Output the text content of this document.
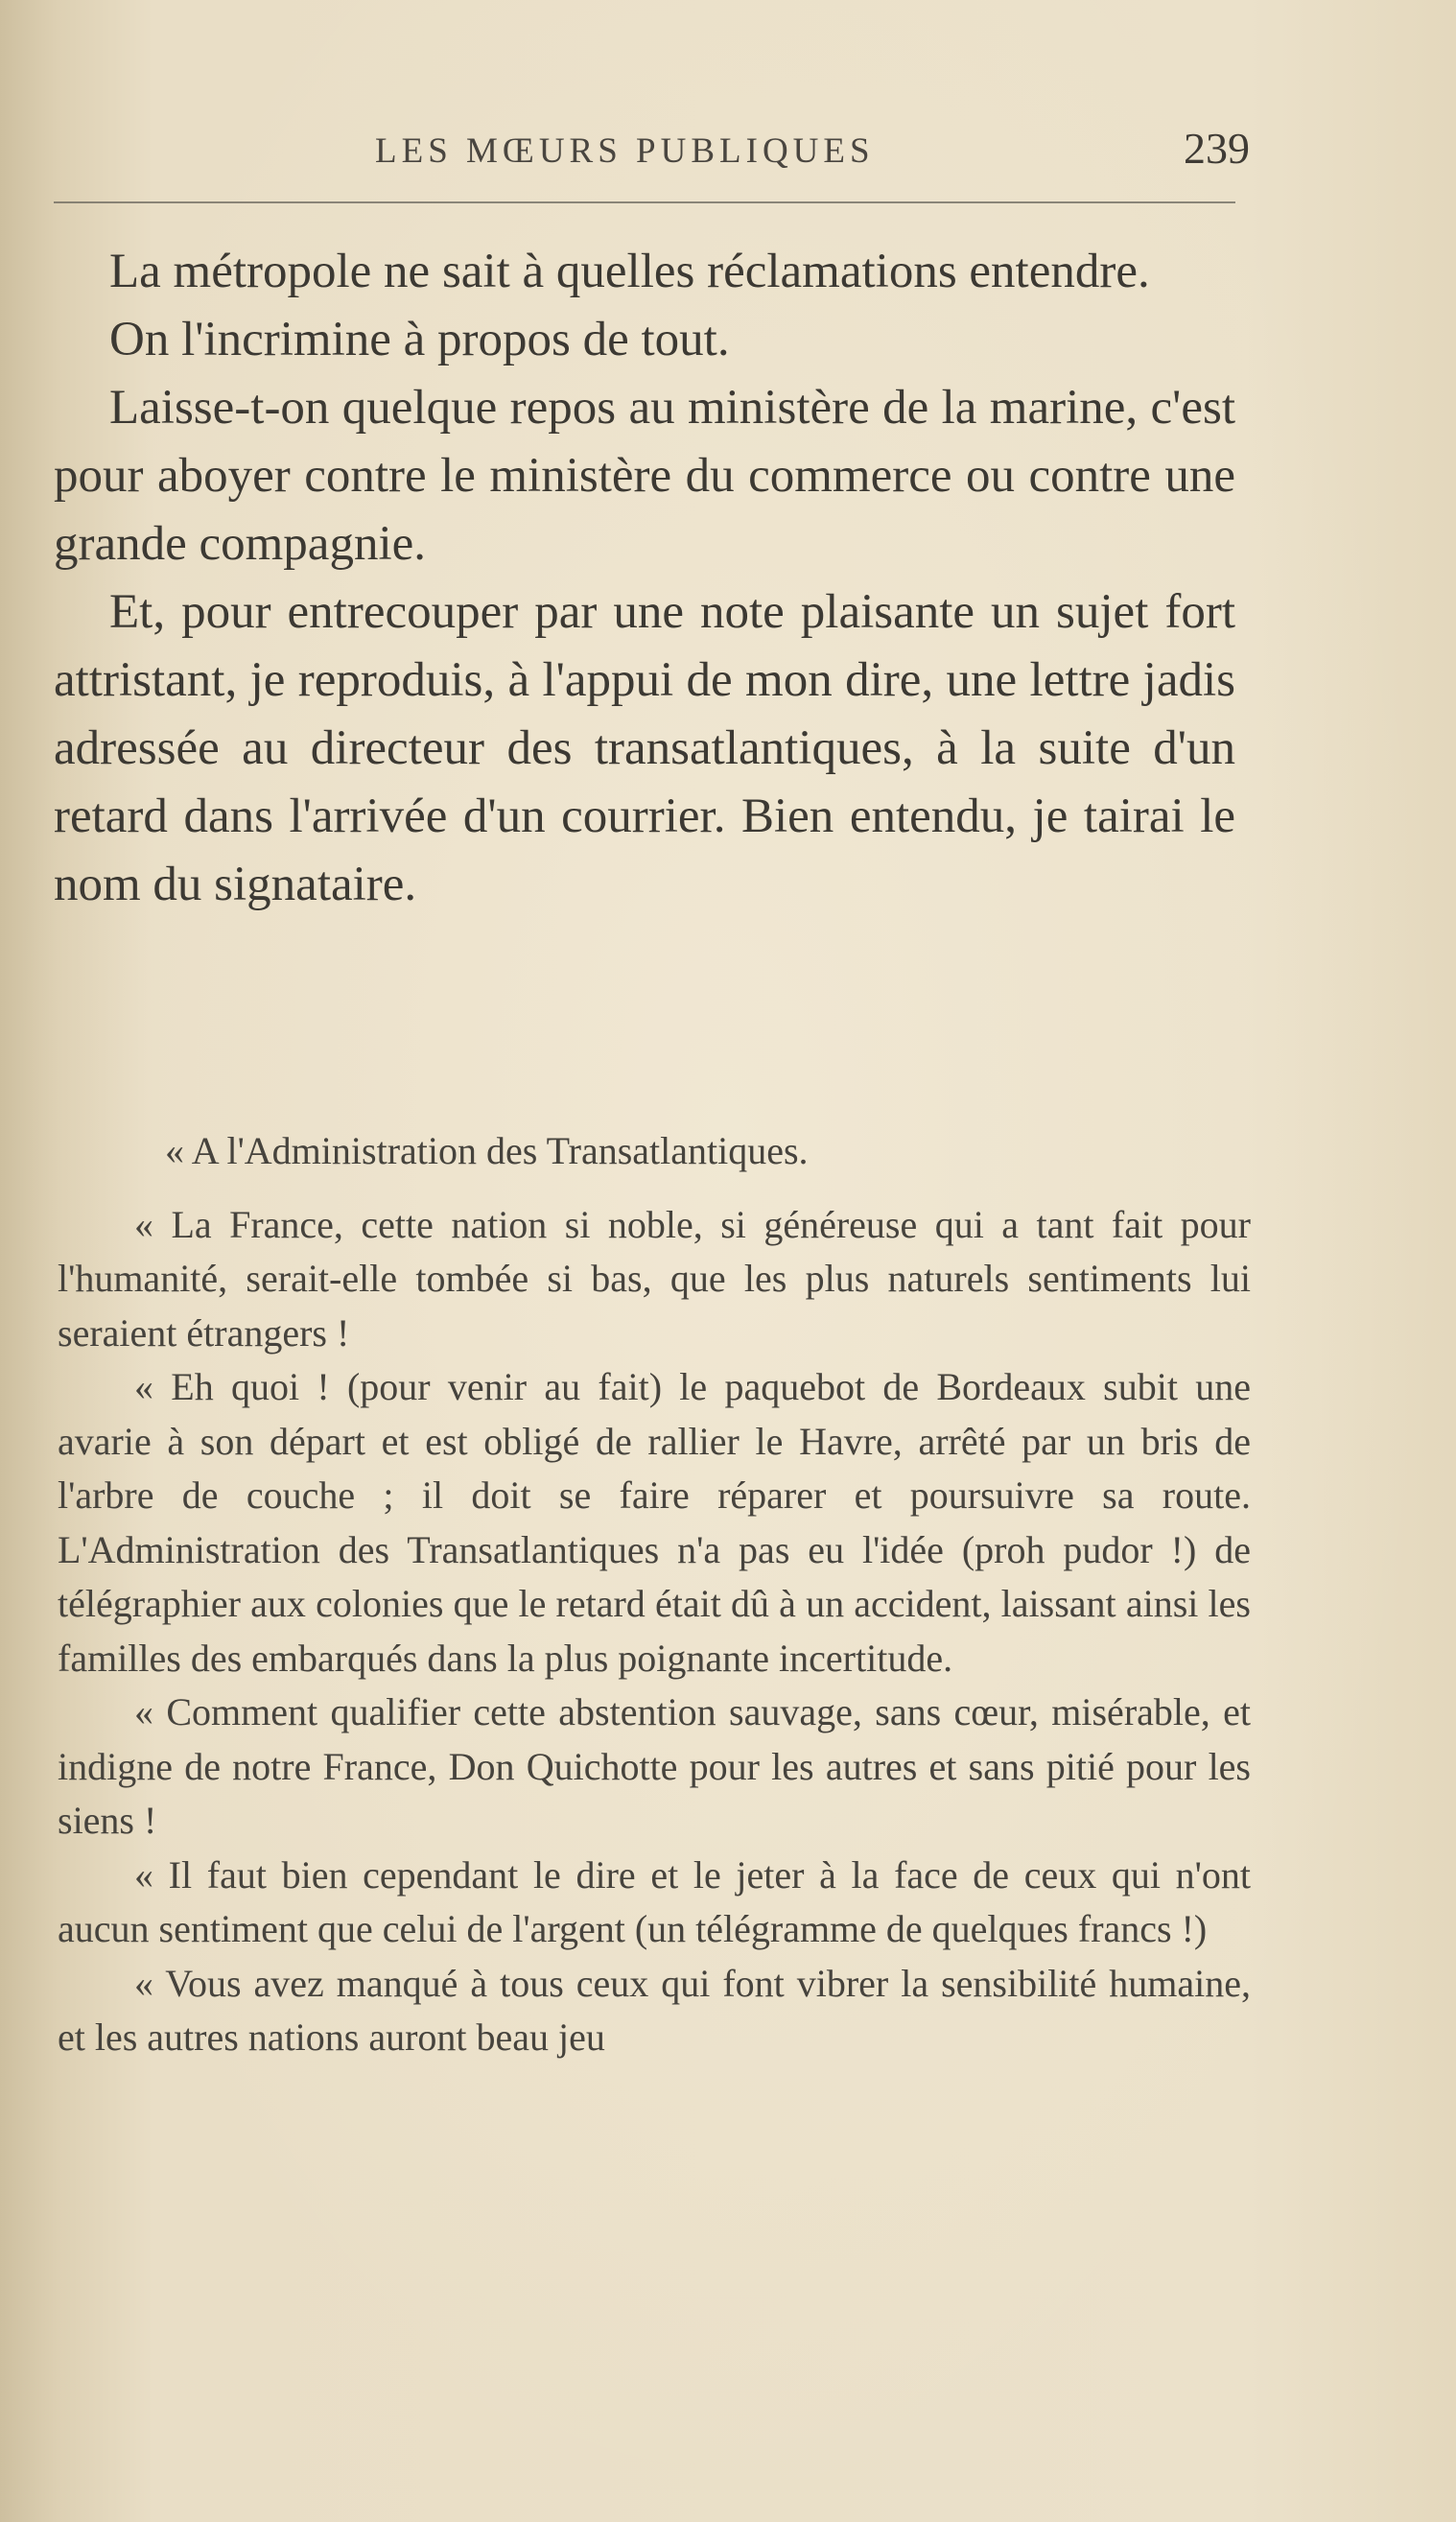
LES MŒURS PUBLIQUES	239

La métropole ne sait à quelles réclamations entendre.

On l'incrimine à propos de tout.

Laisse-t-on quelque repos au ministère de la marine, c'est pour aboyer contre le ministère du commerce ou contre une grande compagnie.

Et, pour entrecouper par une note plaisante un sujet fort attristant, je reproduis, à l'appui de mon dire, une lettre jadis adressée au directeur des transatlantiques, à la suite d'un retard dans l'arrivée d'un courrier. Bien entendu, je tairai le nom du signataire.

« A l'Administration des Transatlantiques.

« La France, cette nation si noble, si généreuse qui a tant fait pour l'humanité, serait-elle tombée si bas, que les plus naturels sentiments lui seraient étrangers !

« Eh quoi ! (pour venir au fait) le paquebot de Bordeaux subit une avarie à son départ et est obligé de rallier le Havre, arrêté par un bris de l'arbre de couche ; il doit se faire réparer et poursuivre sa route. L'Administration des Transatlantiques n'a pas eu l'idée (proh pudor !) de télégraphier aux colonies que le retard était dû à un accident, laissant ainsi les familles des embarqués dans la plus poignante incertitude.

« Comment qualifier cette abstention sauvage, sans cœur, misérable, et indigne de notre France, Don Quichotte pour les autres et sans pitié pour les siens !

« Il faut bien cependant le dire et le jeter à la face de ceux qui n'ont aucun sentiment que celui de l'argent (un télégramme de quelques francs !)

« Vous avez manqué à tous ceux qui font vibrer la sensibilité humaine, et les autres nations auront beau jeu
